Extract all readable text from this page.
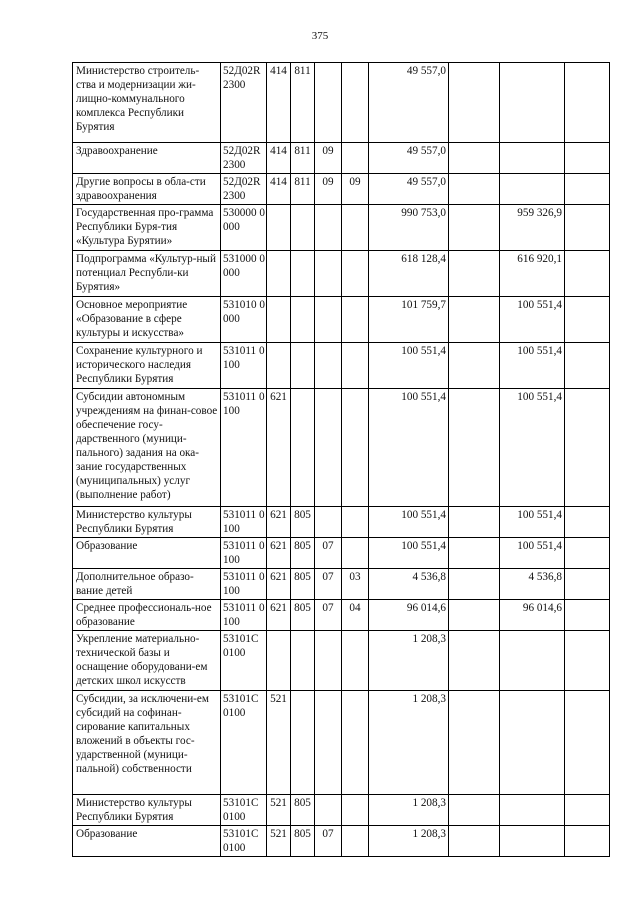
375
Министерство строитель-ства и модернизации жи-лищно-коммунального комплекса Республики Бурятия	52Д02R 2300	414	811			49 557,0			
Здравоохранение	52Д02R 2300	414	811	09		49 557,0			
Другие вопросы в обла-сти здравоохранения	52Д02R 2300	414	811	09	09	49 557,0			
Государственная про-грамма Республики Буря-тия «Культура Бурятии»	530000 0000					990 753,0		959 326,9	
Подпрограмма «Культур-ный потенциал Республи-ки Бурятия»	531000 0000					618 128,4		616 920,1	
Основное мероприятие «Образование в сфере культуры и искусства»	531010 0000					101 759,7		100 551,4	
Сохранение культурного и исторического наследия Республики Бурятия	531011 0100					100 551,4		100 551,4	
Субсидии автономным учреждениям на финан-совое обеспечение госу-дарственного (муници-пального) задания на ока-зание государственных (муниципальных) услуг (выполнение работ)	531011 0100	621				100 551,4		100 551,4	
Министерство культуры Республики Бурятия	531011 0100	621	805			100 551,4		100 551,4	
Образование	531011 0100	621	805	07		100 551,4		100 551,4	
Дополнительное образо-вание детей	531011 0100	621	805	07	03	4 536,8		4 536,8	
Среднее профессиональ-ное образование	531011 0100	621	805	07	04	96 014,6		96 014,6	
Укрепление материально-технической базы и оснащение оборудовани-ем детских школ искусств	53101С 0100					1 208,3			
Субсидии, за исключени-ем субсидий на софинан-сирование капитальных вложений в объекты гос-ударственной (муници-пальной) собственности	53101С 0100	521				1 208,3			
Министерство культуры Республики Бурятия	53101С 0100	521	805			1 208,3			
Образование	53101С 0100	521	805	07		1 208,3			
